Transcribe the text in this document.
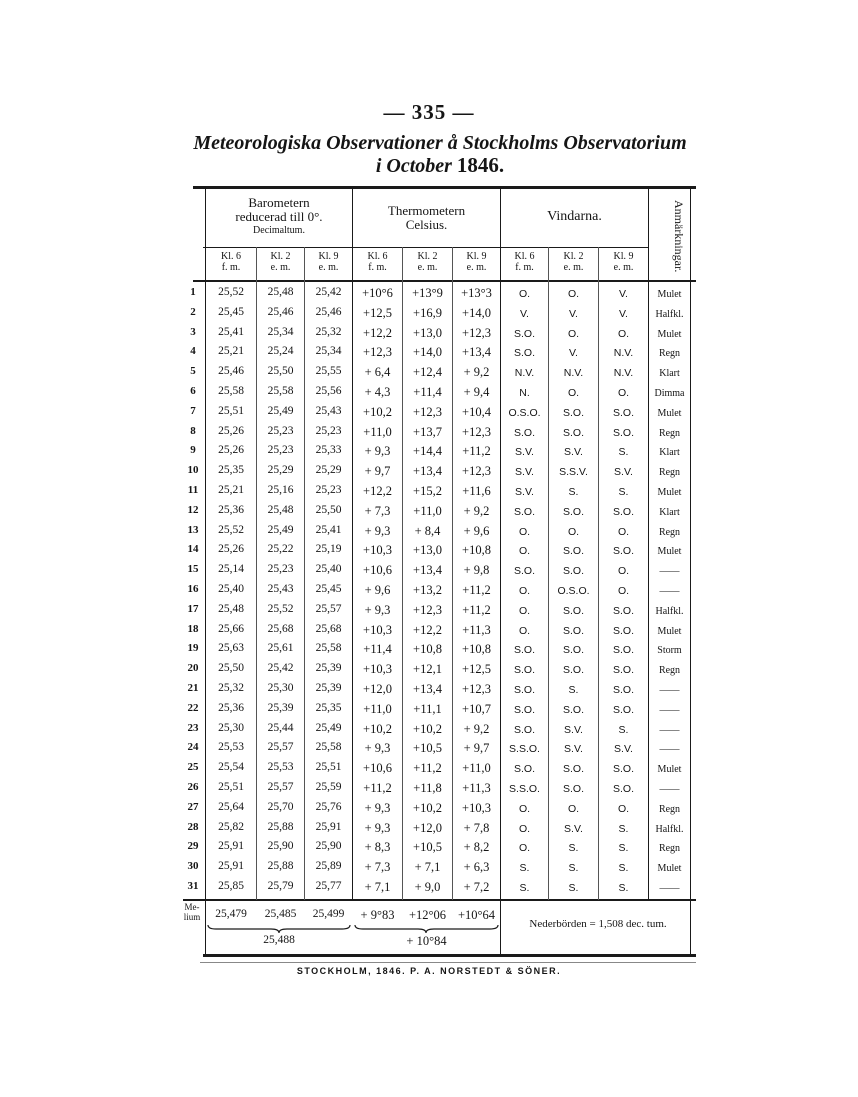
— 335 —
Meteorologiska Observationer å Stockholms Observatorium
i October 1846.
Barometern reducerad till 0°.
Decimaltum.
Thermometern Celsius.
Vindarna.	Anmärkningar.
Kl. 6
f. m.
Kl. 2
e. m.
Kl. 9
e. m.
Kl. 6
f. m.
Kl. 2
e. m.
Kl. 9
e. m.
Kl. 6
f. m.
Kl. 2
e. m.
Kl. 9
e. m.
1	25,52	25,48	25,42	+10°6	+13°9	+13°3	O.	O.	V.	Mulet
2	25,45	25,46	25,46	+12,5	+16,9	+14,0	V.	V.	V.	Halfkl.
3	25,41	25,34	25,32	+12,2	+13,0	+12,3	S.O.	O.	O.	Mulet
4	25,21	25,24	25,34	+12,3	+14,0	+13,4	S.O.	V.	N.V.	Regn
5	25,46	25,50	25,55	+ 6,4	+12,4	+ 9,2	N.V.	N.V.	N.V.	Klart
6	25,58	25,58	25,56	+ 4,3	+11,4	+ 9,4	N.	O.	O.	Dimma
7	25,51	25,49	25,43	+10,2	+12,3	+10,4	O.S.O.	S.O.	S.O.	Mulet
8	25,26	25,23	25,23	+11,0	+13,7	+12,3	S.O.	S.O.	S.O.	Regn
9	25,26	25,23	25,33	+ 9,3	+14,4	+11,2	S.V.	S.V.	S.	Klart
10	25,35	25,29	25,29	+ 9,7	+13,4	+12,3	S.V.	S.S.V.	S.V.	Regn
11	25,21	25,16	25,23	+12,2	+15,2	+11,6	S.V.	S.	S.	Mulet
12	25,36	25,48	25,50	+ 7,3	+11,0	+ 9,2	S.O.	S.O.	S.O.	Klart
13	25,52	25,49	25,41	+ 9,3	+ 8,4	+ 9,6	O.	O.	O.	Regn
14	25,26	25,22	25,19	+10,3	+13,0	+10,8	O.	S.O.	S.O.	Mulet
15	25,14	25,23	25,40	+10,6	+13,4	+ 9,8	S.O.	S.O.	O.	——
16	25,40	25,43	25,45	+ 9,6	+13,2	+11,2	O.	O.S.O.	O.	——
17	25,48	25,52	25,57	+ 9,3	+12,3	+11,2	O.	S.O.	S.O.	Halfkl.
18	25,66	25,68	25,68	+10,3	+12,2	+11,3	O.	S.O.	S.O.	Mulet
19	25,63	25,61	25,58	+11,4	+10,8	+10,8	S.O.	S.O.	S.O.	Storm
20	25,50	25,42	25,39	+10,3	+12,1	+12,5	S.O.	S.O.	S.O.	Regn
21	25,32	25,30	25,39	+12,0	+13,4	+12,3	S.O.	S.	S.O.	——
22	25,36	25,39	25,35	+11,0	+11,1	+10,7	S.O.	S.O.	S.O.	——
23	25,30	25,44	25,49	+10,2	+10,2	+ 9,2	S.O.	S.V.	S.	——
24	25,53	25,57	25,58	+ 9,3	+10,5	+ 9,7	S.S.O.	S.V.	S.V.	——
25	25,54	25,53	25,51	+10,6	+11,2	+11,0	S.O.	S.O.	S.O.	Mulet
26	25,51	25,57	25,59	+11,2	+11,8	+11,3	S.S.O.	S.O.	S.O.	——
27	25,64	25,70	25,76	+ 9,3	+10,2	+10,3	O.	O.	O.	Regn
28	25,82	25,88	25,91	+ 9,3	+12,0	+ 7,8	O.	S.V.	S.	Halfkl.
29	25,91	25,90	25,90	+ 8,3	+10,5	+ 8,2	O.	S.	S.	Regn
30	25,91	25,88	25,89	+ 7,3	+ 7,1	+ 6,3	S.	S.	S.	Mulet
31	25,85	25,79	25,77	+ 7,1	+ 9,0	+ 7,2	S.	S.	S.	——
Me-lium	25,479	25,485	25,499	+ 9°83	+12°06 +10°64
25,488	+ 10°84
Nederbörden = 1,508 dec. tum.
STOCKHOLM, 1846. P. A. NORSTEDT & SÖNER.
